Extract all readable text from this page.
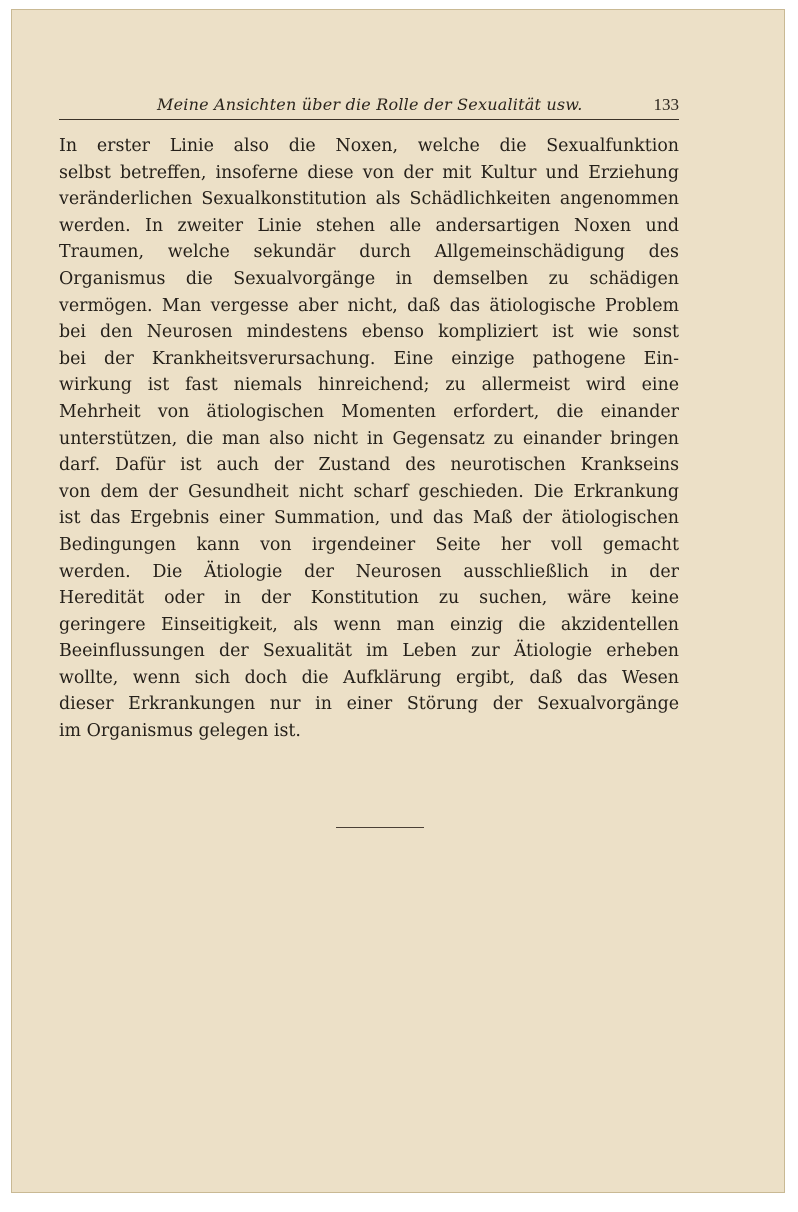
Meine Ansichten über die Rolle der Sexualität usw.	133

In erster Linie also die Noxen, welche die Sexualfunktion
selbst betreffen, insoferne diese von der mit Kultur und Erziehung
veränderlichen Sexualkonstitution als Schädlichkeiten angenommen
werden. In zweiter Linie stehen alle andersartigen Noxen und
Traumen, welche sekundär durch Allgemeinschädigung des
Organismus die Sexualvorgänge in demselben zu schädigen
vermögen. Man vergesse aber nicht, daß das ätiologische Problem
bei den Neurosen mindestens ebenso kompliziert ist wie sonst
bei der Krankheitsverursachung. Eine einzige pathogene Ein-
wirkung ist fast niemals hinreichend; zu allermeist wird eine
Mehrheit von ätiologischen Momenten erfordert, die einander
unterstützen, die man also nicht in Gegensatz zu einander bringen
darf. Dafür ist auch der Zustand des neurotischen Krankseins
von dem der Gesundheit nicht scharf geschieden. Die Erkrankung
ist das Ergebnis einer Summation, und das Maß der ätiologischen
Bedingungen kann von irgendeiner Seite her voll gemacht
werden. Die Ätiologie der Neurosen ausschließlich in der
Heredität oder in der Konstitution zu suchen, wäre keine
geringere Einseitigkeit, als wenn man einzig die akzidentellen
Beeinflussungen der Sexualität im Leben zur Ätiologie erheben
wollte, wenn sich doch die Aufklärung ergibt, daß das Wesen
dieser Erkrankungen nur in einer Störung der Sexualvorgänge
im Organismus gelegen ist.
